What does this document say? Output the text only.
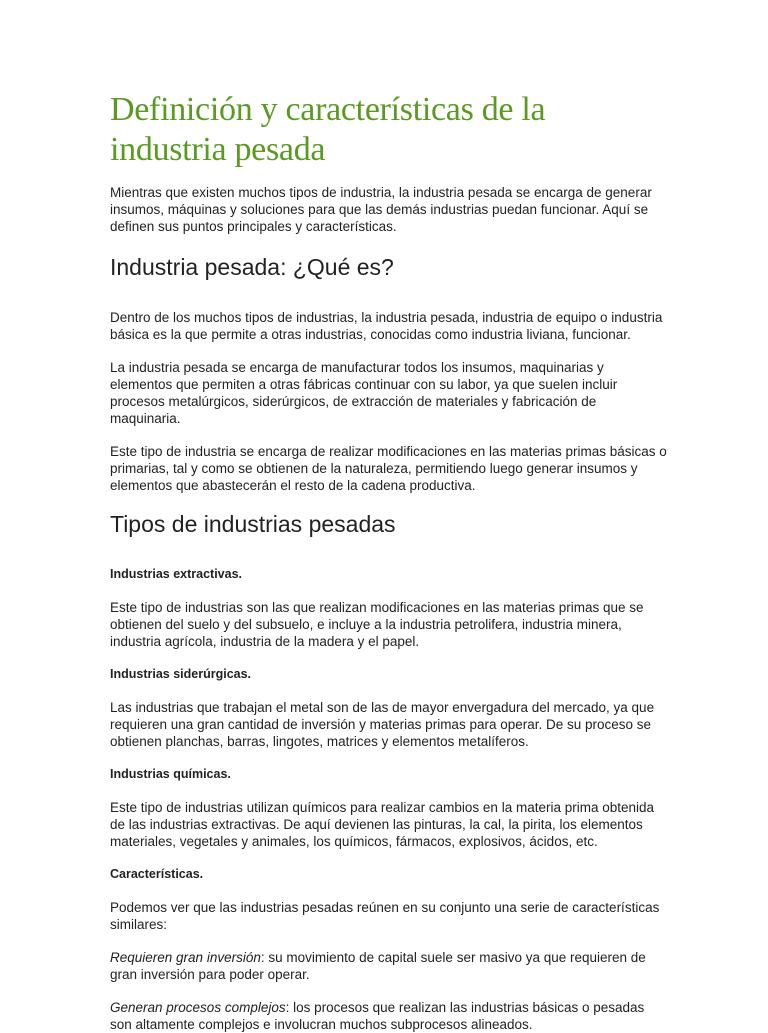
Definición y características de la industria pesada

Mientras que existen muchos tipos de industria, la industria pesada se encarga de generar insumos, máquinas y soluciones para que las demás industrias puedan funcionar. Aquí se definen sus puntos principales y características.

Industria pesada: ¿Qué es?

Dentro de los muchos tipos de industrias, la industria pesada, industria de equipo o industria básica es la que permite a otras industrias, conocidas como industria liviana, funcionar.

La industria pesada se encarga de manufacturar todos los insumos, maquinarias y elementos que permiten a otras fábricas continuar con su labor, ya que suelen incluir procesos metalúrgicos, siderúrgicos, de extracción de materiales y fabricación de maquinaria.

Este tipo de industria se encarga de realizar modificaciones en las materias primas básicas o primarias, tal y como se obtienen de la naturaleza, permitiendo luego generar insumos y elementos que abastecerán el resto de la cadena productiva.

Tipos de industrias pesadas

Industrias extractivas.

Este tipo de industrias son las que realizan modificaciones en las materias primas que se obtienen del suelo y del subsuelo, e incluye a la industria petrolifera, industria minera, industria agrícola, industria de la madera y el papel.

Industrias siderúrgicas.

Las industrias que trabajan el metal son de las de mayor envergadura del mercado, ya que requieren una gran cantidad de inversión y materias primas para operar. De su proceso se obtienen planchas, barras, lingotes, matrices y elementos metalíferos.

Industrias químicas.

Este tipo de industrias utilizan químicos para realizar cambios en la materia prima obtenida de las industrias extractivas. De aquí devienen las pinturas, la cal, la pirita, los elementos materiales, vegetales y animales, los químicos, fármacos, explosivos, ácidos, etc.

Características.

Podemos ver que las industrias pesadas reúnen en su conjunto una serie de características similares:

Requieren gran inversión: su movimiento de capital suele ser masivo ya que requieren de gran inversión para poder operar.

Generan procesos complejos: los procesos que realizan las industrias básicas o pesadas son altamente complejos e involucran muchos subprocesos alineados.
